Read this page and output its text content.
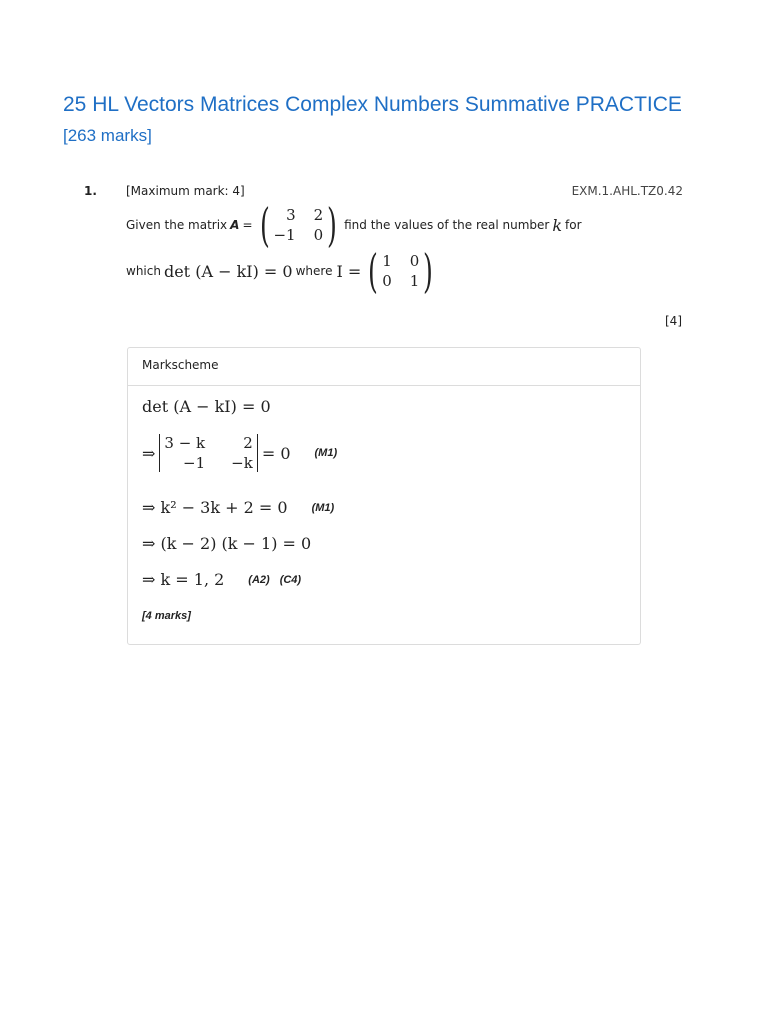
25 HL Vectors Matrices Complex Numbers Summative PRACTICE [263 marks]
1. [Maximum mark: 4]	EXM.1.AHL.TZ0.42
Given the matrix A = (	3 2
−1 0 ) find the values of the real number k for
which det (A − kI) = 0 where I = ( 1 0
0 1 )
[4]
Markscheme
det (A − kI) = 0
⇒
3 − k	2
−1 −k
= 0 (M1)
⇒ k² − 3k + 2 = 0 (M1)
⇒ (k − 2) (k − 1) = 0
⇒ k = 1, 2 (A2) (C4)
[4 marks]
